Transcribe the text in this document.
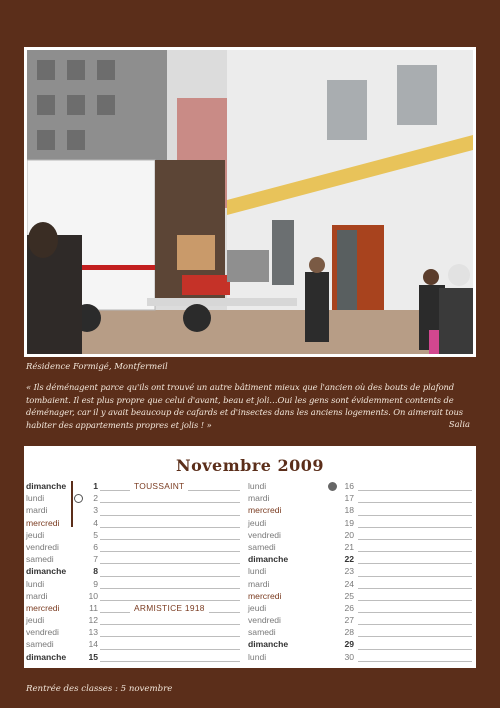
Résidence Formigé, Montfermeil
« Ils déménagent parce qu'ils ont trouvé un autre bâtiment mieux que l'ancien où des bouts de plafond tombaient. Il est plus propre que celui d'avant, beau et joli…Oui les gens sont évidemment contents de déménager, car il y avait beaucoup de cafards et d'insectes dans les anciens logements. On aimerait tous habiter des appartements propres et jolis ! »	Salia
Novembre 2009
dimanche	1	TOUSSAINT
lundi	2
mardi	3
mercredi	4
jeudi	5
vendredi	6
samedi	7
dimanche	8
lundi	9
mardi	10
mercredi	11	ARMISTICE 1918
jeudi	12
vendredi	13
samedi	14
dimanche	15
lundi	16
mardi	17
mercredi	18
jeudi	19
vendredi	20
samedi	21
dimanche	22
lundi	23
mardi	24
mercredi	25
jeudi	26
vendredi	27
samedi	28
dimanche	29
lundi	30
Rentrée des classes : 5 novembre
